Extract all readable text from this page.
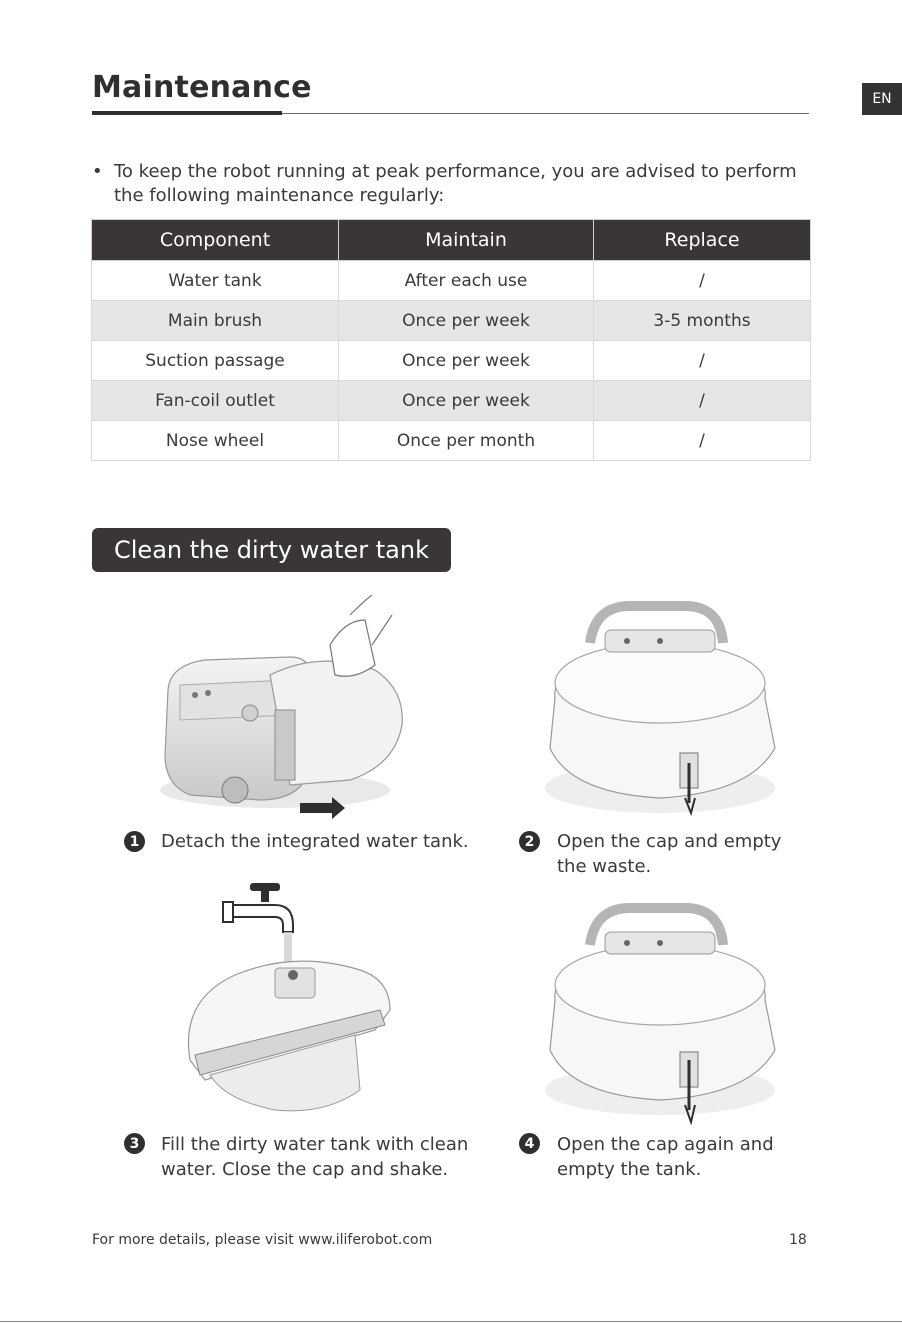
Maintenance	EN
• To keep the robot running at peak performance, you are advised to perform the following maintenance regularly:
Component	Maintain	Replace
Water tank	After each use	/
Main brush	Once per week	3-5 months
Suction passage	Once per week	/
Fan-coil outlet	Once per week	/
Nose wheel	Once per month	/
Clean the dirty water tank
1	Detach the integrated water tank.	2	Open the cap and empty
the waste.
3	Fill the dirty water tank with clean
water. Close the cap and shake.
4	Open the cap again and
empty the tank.
For more details, please visit www.iliferobot.com	18
